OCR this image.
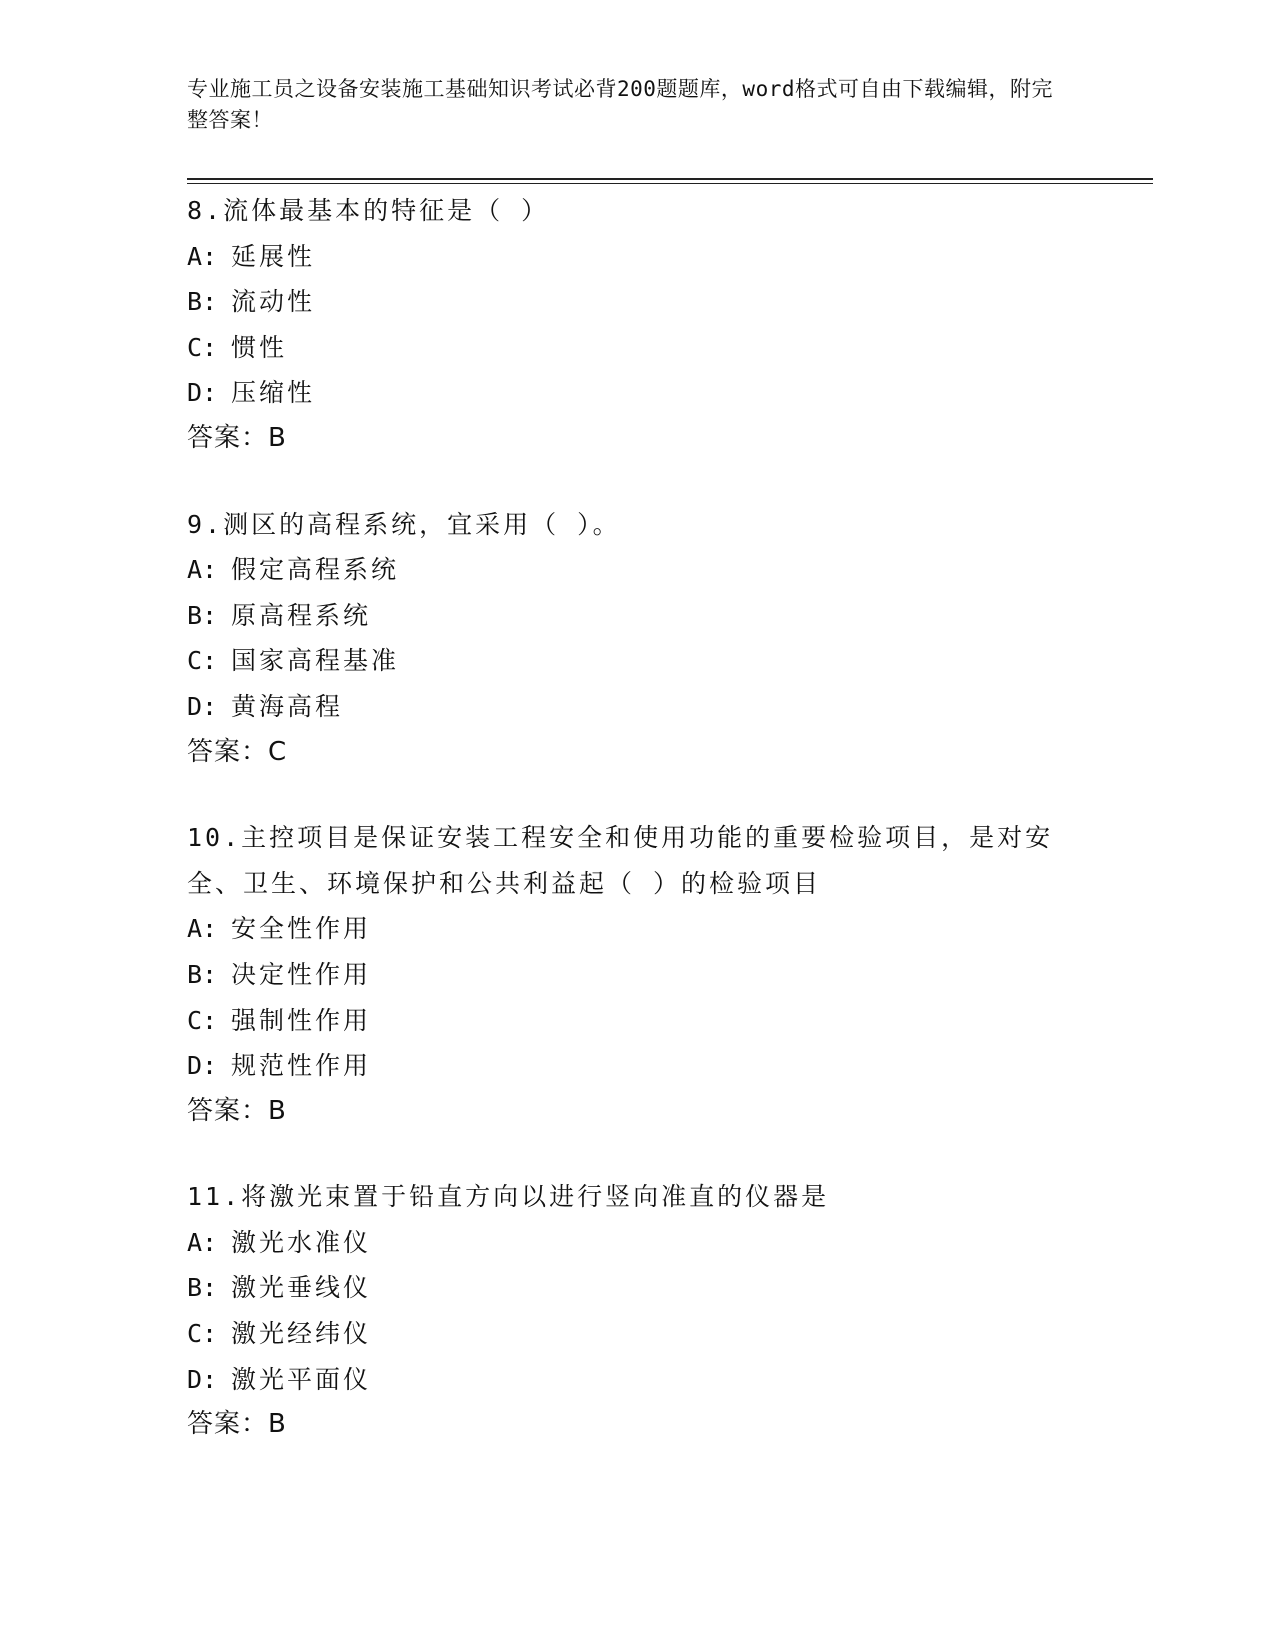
专业施工员之设备安装施工基础知识考试必背200题题库，word格式可自由下载编辑，附完整答案！
8.流体最基本的特征是（ ）
A: 延展性
B: 流动性
C: 惯性
D: 压缩性
答案：B
9.测区的高程系统，宜采用（ ）。
A: 假定高程系统
B: 原高程系统
C: 国家高程基准
D: 黄海高程
答案：C
10.主控项目是保证安装工程安全和使用功能的重要检验项目，是对安全、卫生、环境保护和公共利益起（ ）的检验项目
A: 安全性作用
B: 决定性作用
C: 强制性作用
D: 规范性作用
答案：B
11.将激光束置于铅直方向以进行竖向准直的仪器是
A: 激光水准仪
B: 激光垂线仪
C: 激光经纬仪
D: 激光平面仪
答案：B
